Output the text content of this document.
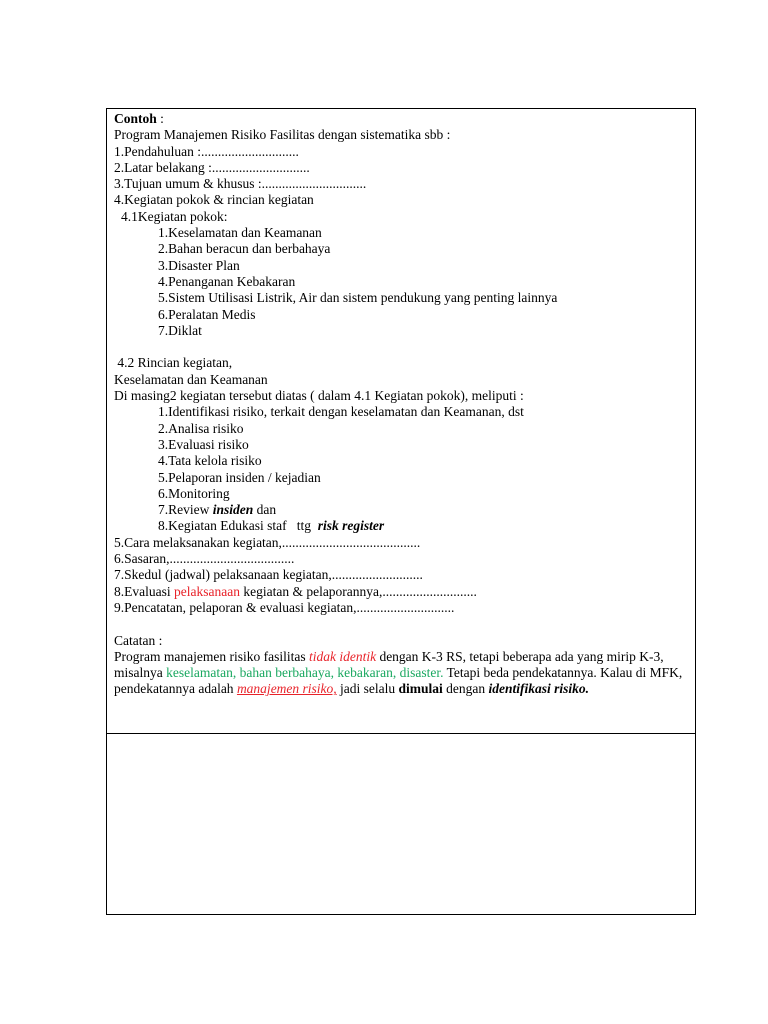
Contoh :
Program Manajemen Risiko Fasilitas dengan sistematika sbb :
1.Pendahuluan :.............................
2.Latar belakang :.............................
3.Tujuan umum & khusus :...............................
4.Kegiatan pokok & rincian kegiatan
4.1Kegiatan pokok:
1.Keselamatan dan Keamanan
2.Bahan beracun dan berbahaya
3.Disaster Plan
4.Penanganan Kebakaran
5.Sistem Utilisasi Listrik, Air dan sistem pendukung yang penting lainnya
6.Peralatan Medis
7.Diklat
4.2 Rincian kegiatan,
Keselamatan dan Keamanan
Di masing2 kegiatan tersebut diatas ( dalam 4.1 Kegiatan pokok), meliputi :
1.Identifikasi risiko, terkait dengan keselamatan dan Keamanan, dst
2.Analisa risiko
3.Evaluasi risiko
4.Tata kelola risiko
5.Pelaporan insiden / kejadian
6.Monitoring
7.Review insiden dan
8.Kegiatan Edukasi staf   ttg  risk register
5.Cara melaksanakan kegiatan,.........................................
6.Sasaran,.....................................
7.Skedul (jadwal) pelaksanaan kegiatan,...........................
8.Evaluasi pelaksanaan kegiatan & pelaporannya,............................
9.Pencatatan, pelaporan & evaluasi kegiatan,.............................
Catatan :
Program manajemen risiko fasilitas tidak identik dengan K-3 RS, tetapi beberapa ada yang mirip K-3, misalnya keselamatan, bahan berbahaya, kebakaran, disaster. Tetapi beda pendekatannya. Kalau di MFK, pendekatannya adalah manajemen risiko, jadi selalu dimulai dengan identifikasi risiko.
